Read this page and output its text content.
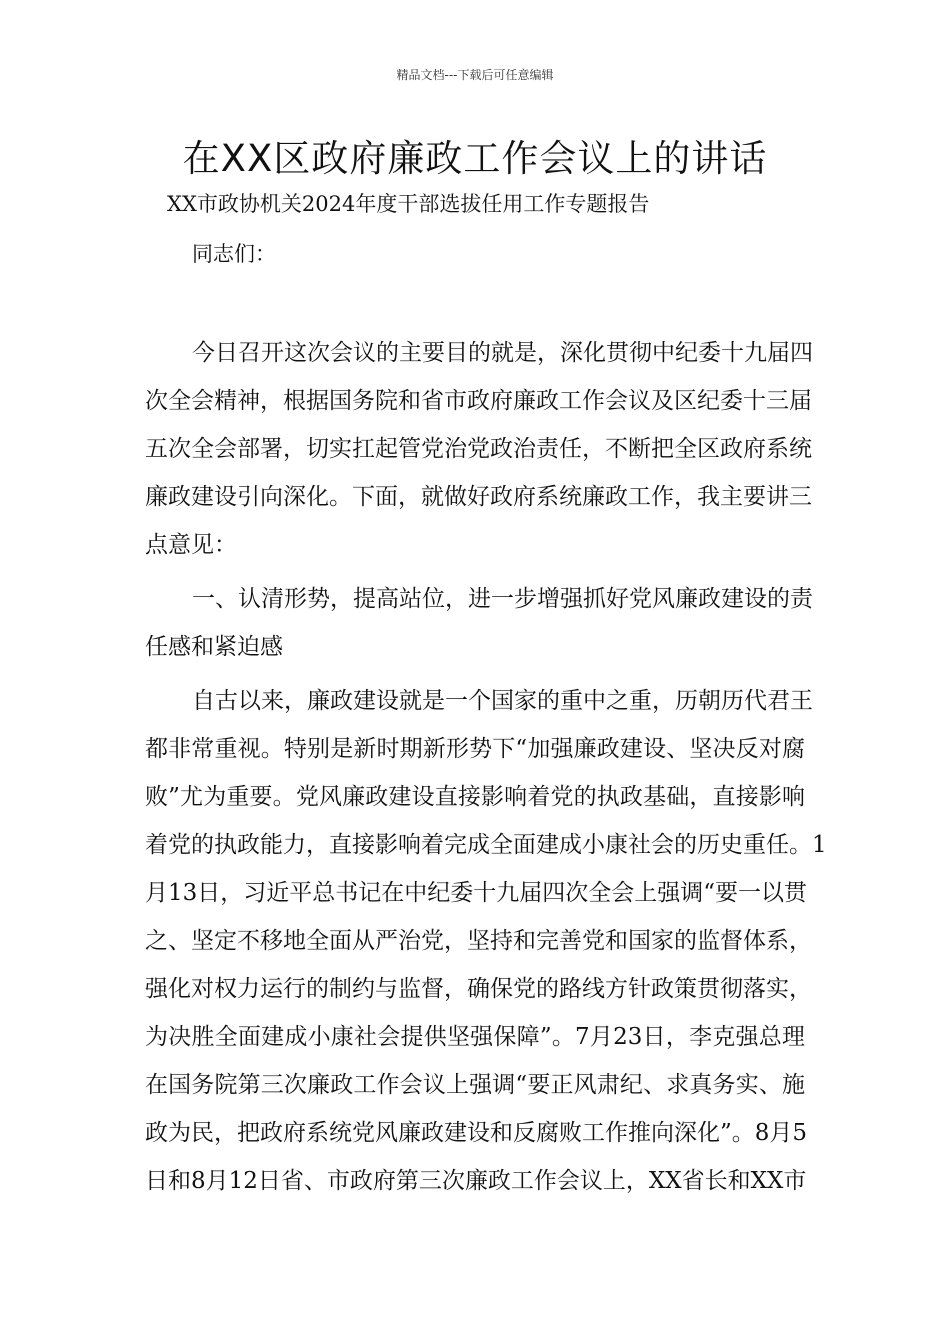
精品文档---下载后可任意编辑
在XX区政府廉政工作会议上的讲话
XX市政协机关2024年度干部选拔任用工作专题报告
同志们：
今日召开这次会议的主要目的就是，深化贯彻中纪委十九届四
次全会精神，根据国务院和省市政府廉政工作会议及区纪委十三届
五次全会部署，切实扛起管党治党政治责任，不断把全区政府系统
廉政建设引向深化。下面，就做好政府系统廉政工作，我主要讲三
点意见：
一、认清形势，提高站位，进一步增强抓好党风廉政建设的责
任感和紧迫感
自古以来，廉政建设就是一个国家的重中之重，历朝历代君王
都非常重视。特别是新时期新形势下“加强廉政建设、坚决反对腐
败”尤为重要。党风廉政建设直接影响着党的执政基础，直接影响
着党的执政能力，直接影响着完成全面建成小康社会的历史重任。1
月13日，习近平总书记在中纪委十九届四次全会上强调“要一以贯
之、坚定不移地全面从严治党，坚持和完善党和国家的监督体系，
强化对权力运行的制约与监督，确保党的路线方针政策贯彻落实，
为决胜全面建成小康社会提供坚强保障”。7月23日，李克强总理
在国务院第三次廉政工作会议上强调“要正风肃纪、求真务实、施
政为民，把政府系统党风廉政建设和反腐败工作推向深化”。8月5
日和8月12日省、市政府第三次廉政工作会议上，XX省长和XX市
